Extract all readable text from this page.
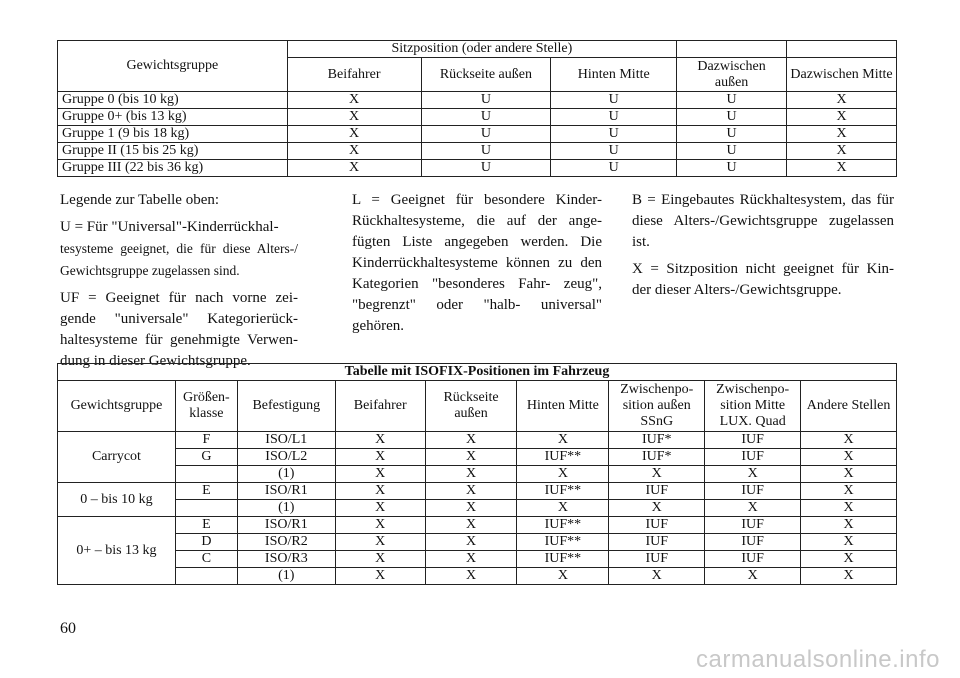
Gewichtsgruppe	Sitzposition (oder andere Stelle)				
	Beifahrer	Rückseite außen	Hinten Mitte	Dazwischen außen	Dazwischen Mitte
Gruppe 0 (bis 10 kg)	X	U	U	U	X
Gruppe 0+ (bis 13 kg)	X	U	U	U	X
Gruppe 1 (9 bis 18 kg)	X	U	U	U	X
Gruppe II (15 bis 25 kg)	X	U	U	U	X
Gruppe III (22 bis 36 kg)	X	U	U	U	X

Legende zur Tabelle oben:

U = Für "Universal"-Kinderrückhal-
tesysteme geeignet, die für diese Alters-/ Gewichtsgruppe zugelassen sind.

UF = Geeignet für nach vorne zei- gende "universale" Kategorierück- haltesysteme für genehmigte Verwen- dung in dieser Gewichtsgruppe.

L = Geeignet für besondere Kinder- Rückhaltesysteme, die auf der ange- fügten Liste angegeben werden. Die Kinderrückhaltesysteme können zu den Kategorien "besonderes Fahr- zeug", "begrenzt" oder "halb- universal" gehören.

B = Eingebautes Rückhaltesystem, das für diese Alters-/Gewichtsgruppe zugelassen ist.

X = Sitzposition nicht geeignet für Kin- der dieser Alters-/Gewichtsgruppe.

Tabelle mit ISOFIX-Positionen im Fahrzeug								
Gewichtsgruppe	Größen- klasse	Befestigung	Beifahrer	Rückseite außen	Hinten Mitte	Zwischenpo- sition außen SSnG	Zwischenpo- sition Mitte LUX. Quad	Andere Stellen
Carrycot	F	ISO/L1	X	X	X	IUF*	IUF	X
	G	ISO/L2	X	X	IUF**	IUF*	IUF	X
		(1)	X	X	X	X	X	X
0 – bis 10 kg	E	ISO/R1	X	X	IUF**	IUF	IUF	X
		(1)	X	X	X	X	X	X
0+ – bis 13 kg	E	ISO/R1	X	X	IUF**	IUF	IUF	X
	D	ISO/R2	X	X	IUF**	IUF	IUF	X
	C	ISO/R3	X	X	IUF**	IUF	IUF	X
		(1)	X	X	X	X	X	X
60
carmanualsonline.info
